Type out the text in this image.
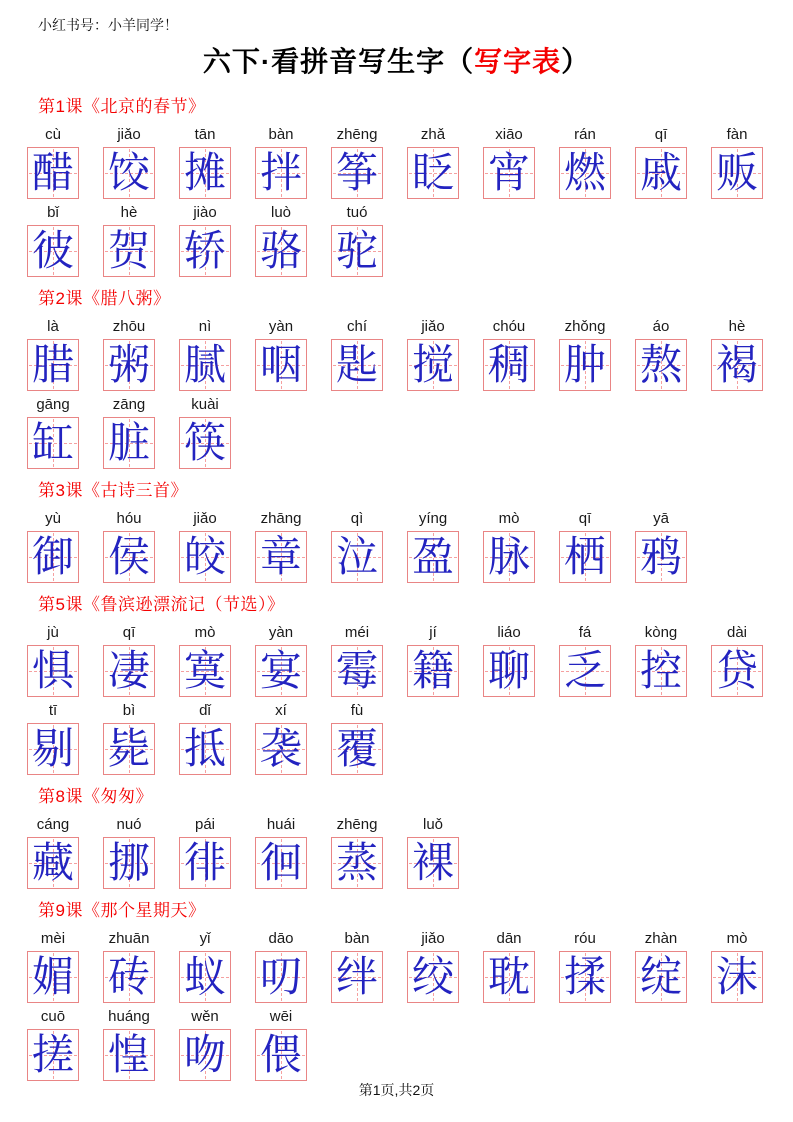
小红书号：小羊同学！
六下·看拼音写生字（写字表）
第1课《北京的春节》
cù
醋
jiǎo
饺
tān
摊
bàn
拌
zhēng
筝
zhǎ
眨
xiāo
宵
rán
燃
qī
戚
fàn
贩
bǐ
彼
hè
贺
jiào
轿
luò
骆
tuó
驼
第2课《腊八粥》
là
腊
zhōu
粥
nì
腻
yàn
咽
chí
匙
jiǎo
搅
chóu
稠
zhǒng
肿
áo
熬
hè
褐
gāng
缸
zāng
脏
kuài
筷
第3课《古诗三首》
yù
御
hóu
侯
jiǎo
皎
zhāng
章
qì
泣
yíng
盈
mò
脉
qī
栖
yā
鸦
第5课《鲁滨逊漂流记（节选）》
jù
惧
qī
凄
mò
寞
yàn
宴
méi
霉
jí
籍
liáo
聊
fá
乏
kòng
控
dài
贷
tī
剔
bì
毙
dǐ
抵
xí
袭
fù
覆
第8课《匆匆》
cáng
藏
nuó
挪
pái
徘
huái
徊
zhēng
蒸
luǒ
裸
第9课《那个星期天》
mèi
媚
zhuān
砖
yǐ
蚁
dāo
叨
bàn
绊
jiǎo
绞
dān
耽
róu
揉
zhàn
绽
mò
沫
cuō
搓
huáng
惶
wěn
吻
wēi
偎
第1页,共2页
